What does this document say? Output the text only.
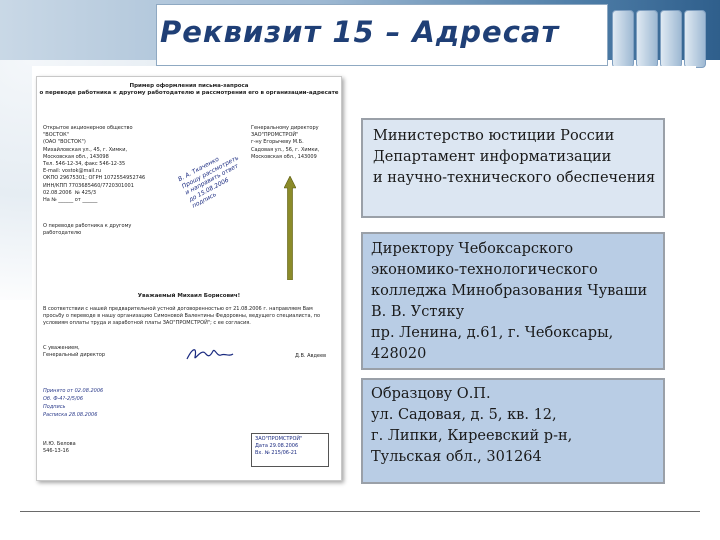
Реквизит 15 – Адресат
Пример оформления письма-запроса
о переводе работника к другому работодателю и рассмотрения его в организации-адресате
Открытое акционерное общество
"ВОСТОК"
(ОАО "ВОСТОК")
Михайловская ул., 45, г. Химки,
Московская обл., 143098
Тел. 546-12-34, факс 546-12-35
E-mail: vostok@mail.ru
ОКПО 29675301; ОГРН 1072554952746
ИНН/КПП 7703685460/7720301001
02.08.2006  № 425/3
На № ______ от ______
Генеральному директору
ЗАО"ПРОМСТРОЙ"
г-ну Егорычеву М.Б.
Садовая ул., 56, г. Химки,
Московская обл., 143009
В. А. Ткаченко
Прошу рассмотреть
и направить ответ
до 15.08.2006
подпись
О переводе работника к другому
работодателю
Уважаемый Михаил Борисович!
В соответствии с нашей предварительной устной договоренностью от 21.08.2006 г. направляем Вам просьбу о переводе в нашу организацию Симоновой Валентины Федоровны, ведущего специалиста, по условиям оплаты труда и заработной платы ЗАО"ПРОМСТРОЙ"; с ее согласия.
С уважением,
Генеральный директор	Д.В. Авдеев
Принято от 02.08.2006
Об. Ф-4?-2/5/06
Подпись
Расписка 28.08.2006
ЗАО"ПРОМСТРОЙ"
Дата 29.08.2006
Вх. № 215/06-21
И.Ю. Белова
546-13-16
Министерство юстиции России
Департамент информатизации
и научно-технического обеспечения
Директору Чебоксарского
экономико-технологического
колледжа Минобразования Чуваши
В. В. Устяку
пр. Ленина, д.61, г. Чебоксары,
428020
Образцову О.П.
ул. Садовая, д. 5, кв. 12,
г. Липки, Киреевский р-н,
Тульская обл., 301264
